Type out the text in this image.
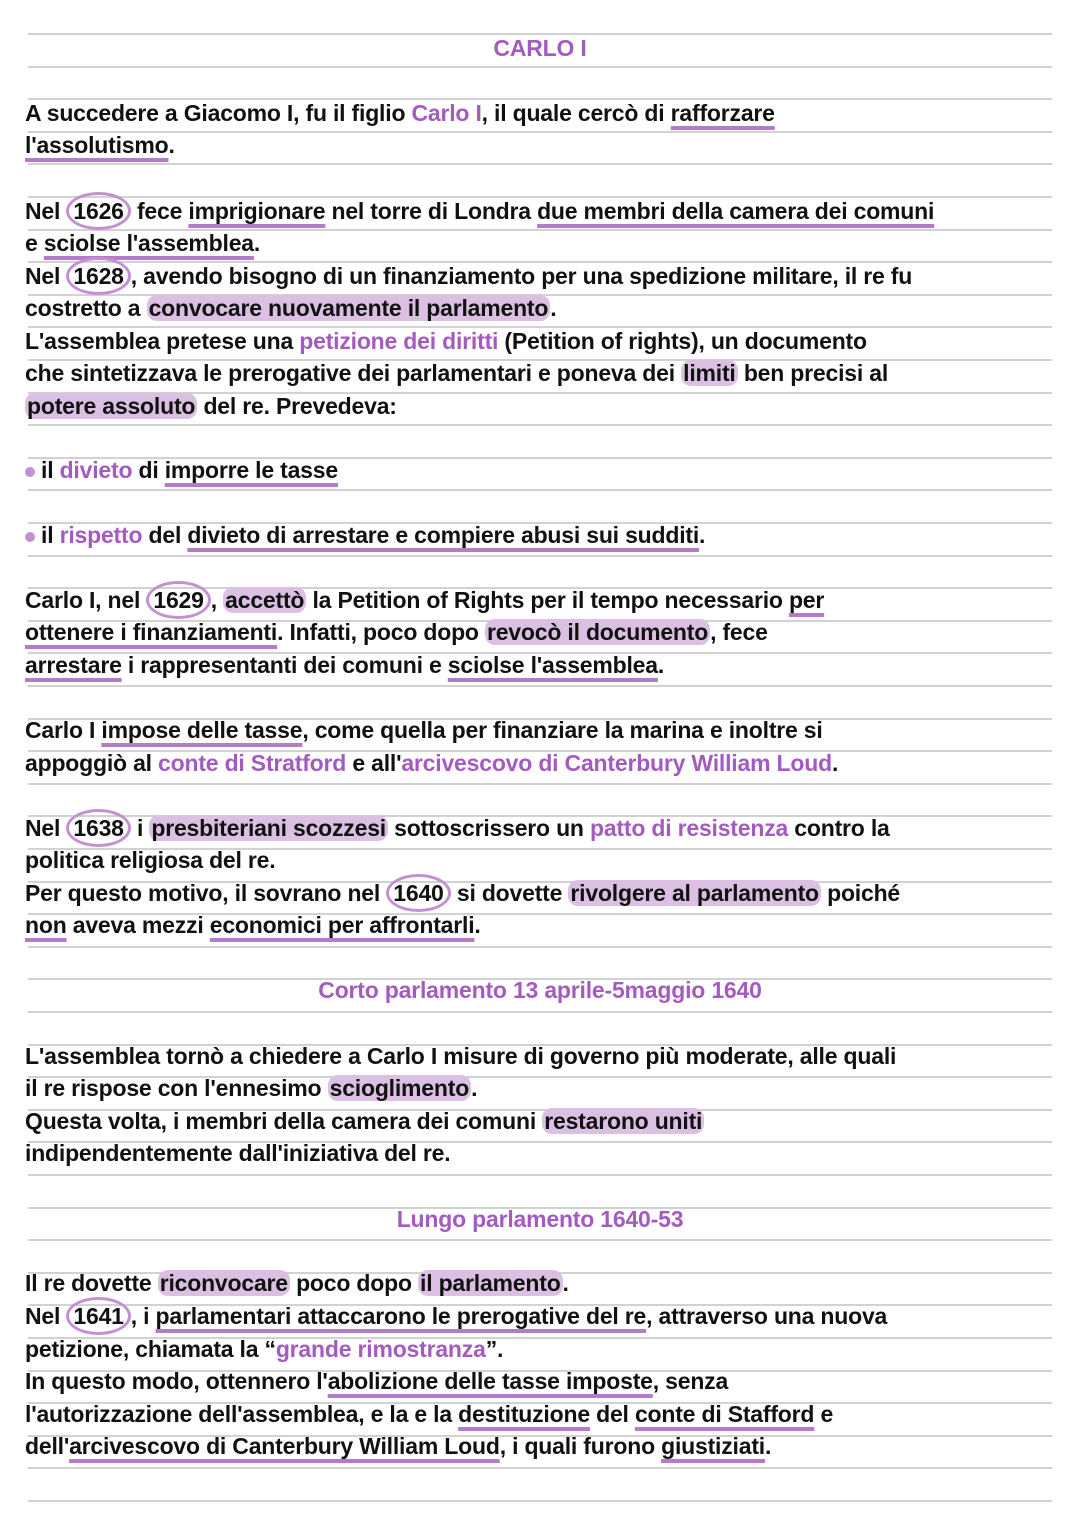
CARLO I
A succedere a Giacomo I, fu il figlio Carlo I, il quale cercò di rafforzare
l'assolutismo.
Nel 1626 fece imprigionare nel torre di Londra due membri della camera dei comuni
e sciolse l'assemblea.
Nel 1628 , avendo bisogno di un finanziamento per una spedizione militare, il re fu
costretto a convocare nuovamente il parlamento.
L'assemblea pretese una petizione dei diritti (Petition of rights), un documento
che sintetizzava le prerogative dei parlamentari e poneva dei limiti ben precisi al
potere assoluto del re. Prevedeva:
il divieto di imporre le tasse
il rispetto del divieto di arrestare e compiere abusi sui sudditi.
Carlo I, nel 1629 , accettò la Petition of Rights per il tempo necessario per
ottenere i finanziamenti. Infatti, poco dopo revocò il documento, fece
arrestare i rappresentanti dei comuni e sciolse l'assemblea.
Carlo I impose delle tasse, come quella per finanziare la marina e inoltre si
appoggiò al conte di Stratford e all'arcivescovo di Canterbury William Loud.
Nel 1638 i presbiteriani scozzesi sottoscrissero un patto di resistenza contro la
politica religiosa del re.
Per questo motivo, il sovrano nel 1640 si dovette rivolgere al parlamento poiché
non aveva mezzi economici per affrontarli.
Corto parlamento 13 aprile-5maggio 1640
L'assemblea tornò a chiedere a Carlo I misure di governo più moderate, alle quali
il re rispose con l'ennesimo scioglimento.
Questa volta, i membri della camera dei comuni restarono uniti
indipendentemente dall'iniziativa del re.
Lungo parlamento 1640-53
Il re dovette riconvocare poco dopo il parlamento.
Nel 1641 , i parlamentari attaccarono le prerogative del re, attraverso una nuova
petizione, chiamata la “grande rimostranza”.
In questo modo, ottennero l'abolizione delle tasse imposte, senza
l'autorizzazione dell'assemblea, e la e la destituzione del conte di Stafford e
dell'arcivescovo di Canterbury William Loud, i quali furono giustiziati.
